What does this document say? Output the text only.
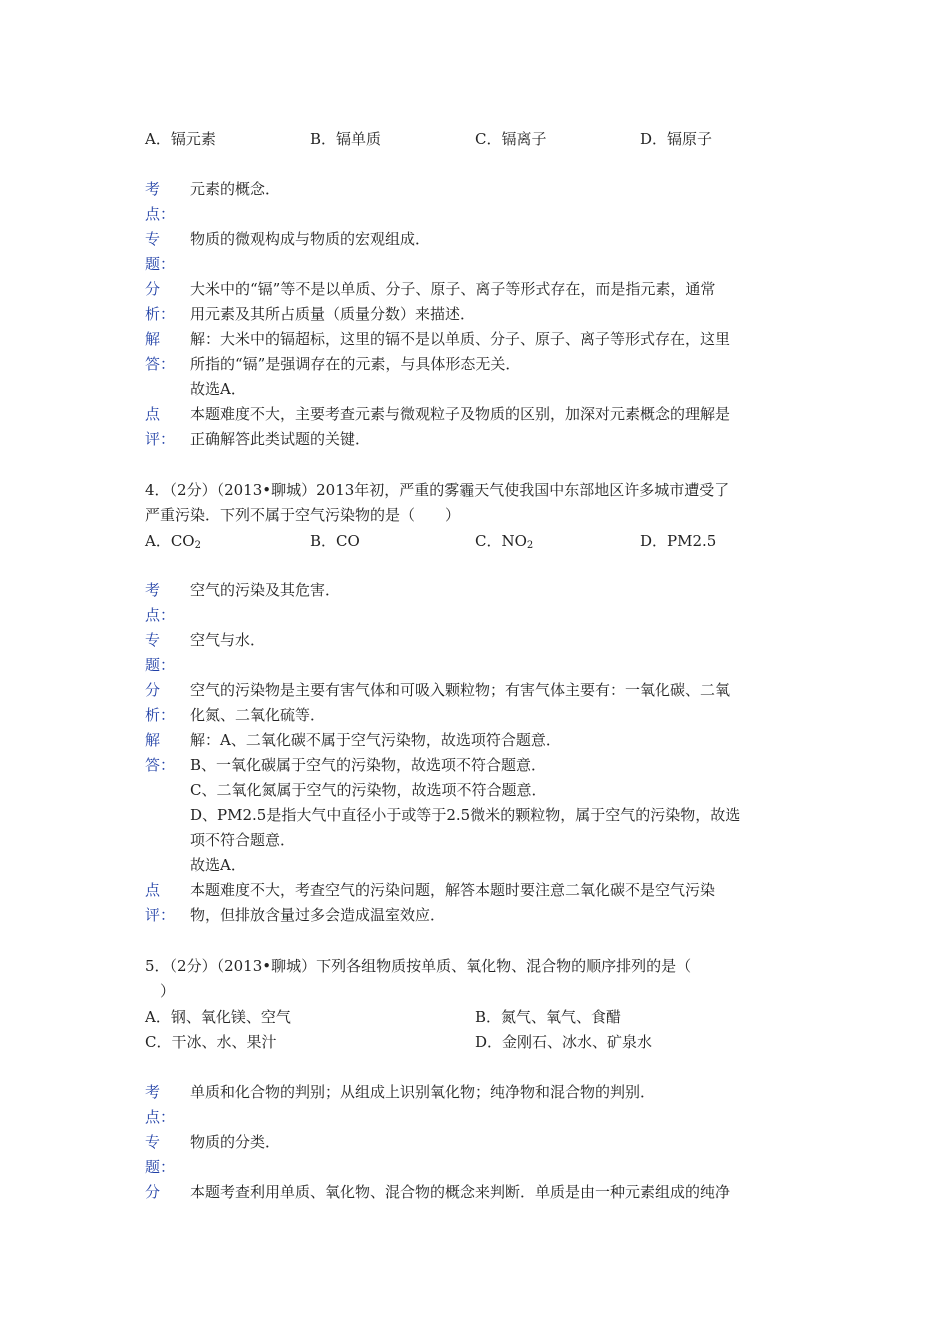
A．镉元素	B．镉单质	C．镉离子	D．镉原子
考
点：
元素的概念．
专
题：
物质的微观构成与物质的宏观组成．
分
析：
大米中的“镉”等不是以单质、分子、原子、离子等形式存在，而是指元素，通常
用元素及其所占质量（质量分数）来描述．
解
答：
解：大米中的镉超标，这里的镉不是以单质、分子、原子、离子等形式存在，这里
所指的“镉”是强调存在的元素，与具体形态无关．
故选A．
点
评：
本题难度不大，主要考查元素与微观粒子及物质的区别，加深对元素概念的理解是
正确解答此类试题的关键．
4．（2分）（2013•聊城）2013年初，严重的雾霾天气使我国中东部地区许多城市遭受了
严重污染．下列不属于空气污染物的是（　　）
A．$CO_2$	B．CO	C．$NO_2$	D．PM2.5
考
点：
空气的污染及其危害．
专
题：
空气与水．
分
析：
空气的污染物是主要有害气体和可吸入颗粒物；有害气体主要有：一氧化碳、二氧
化氮、二氧化硫等．
解
答：
解：A、二氧化碳不属于空气污染物，故选项符合题意．
B、一氧化碳属于空气的污染物，故选项不符合题意．
C、二氧化氮属于空气的污染物，故选项不符合题意．
D、PM2.5是指大气中直径小于或等于2.5微米的颗粒物，属于空气的污染物，故选
项不符合题意．
故选A．
点
评：
本题难度不大，考查空气的污染问题，解答本题时要注意二氧化碳不是空气污染
物，但排放含量过多会造成温室效应．
5．（2分）（2013•聊城）下列各组物质按单质、氧化物、混合物的顺序排列的是（
　）
A．钢、氧化镁、空气	B．氮气、氧气、食醋
C．干冰、水、果汁	D．金刚石、冰水、矿泉水
考
点：
单质和化合物的判别；从组成上识别氧化物；纯净物和混合物的判别．
专
题：
物质的分类．
分	本题考查利用单质、氧化物、混合物的概念来判断．单质是由一种元素组成的纯净
